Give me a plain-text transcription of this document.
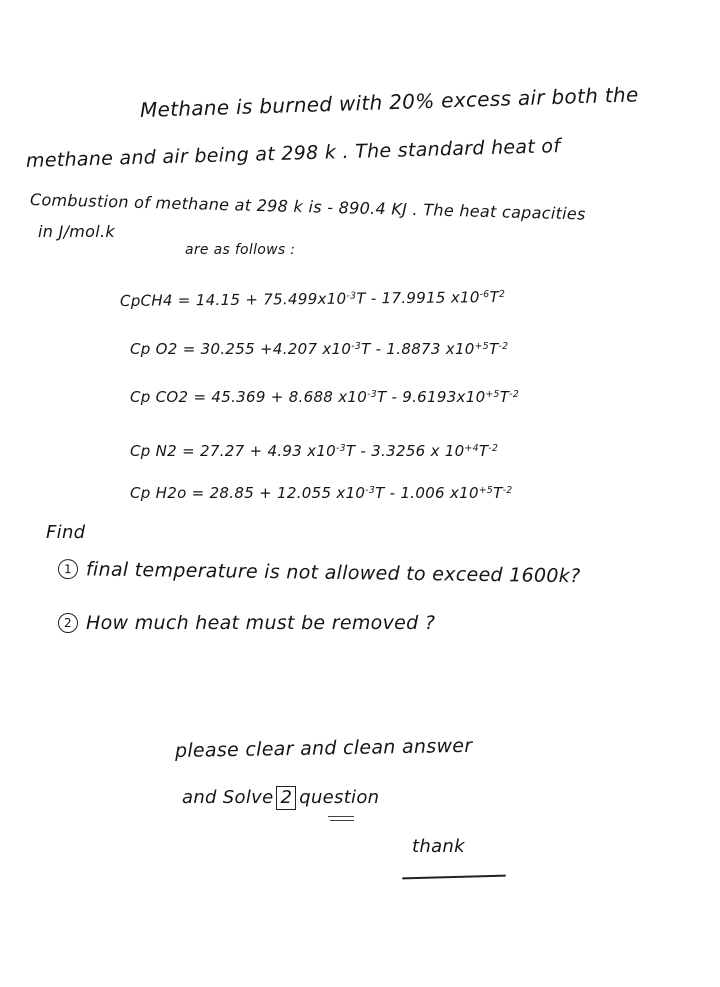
Methane is burned with 20% excess air both the
methane and air being at 298 k . The standard heat of
Combustion of methane at 298 k is - 890.4 KJ . The heat capacities
in J/mol.k
are as follows :
CpCH4 = $14.15 + 75.499x10^{-3}T - 17.9915$ $x10^{-6}T^2$
Cp O2 = 30.255 +4.207 $x10^{-3}T - 1.8873$ $x10^{+5}T^{-2}$
Cp CO2 = 45.369 + 8.688 $x10^{-3}T - 9.6193x10^{+5}T^{-2}$
Cp N2 = 27.27 + 4.93 $x10^{-3}T - 3.3256$ x $10^{+4}T^{-2}$
Cp H2o = 28.85 + 12.055 $x10^{-3}T - 1.006$ $x10^{+5}T^{-2}$
Find
1 final temperature is not allowed to exceed 1600k?
2 How much heat must be removed ?
please clear and clean answer
and Solve 2 question
thank
